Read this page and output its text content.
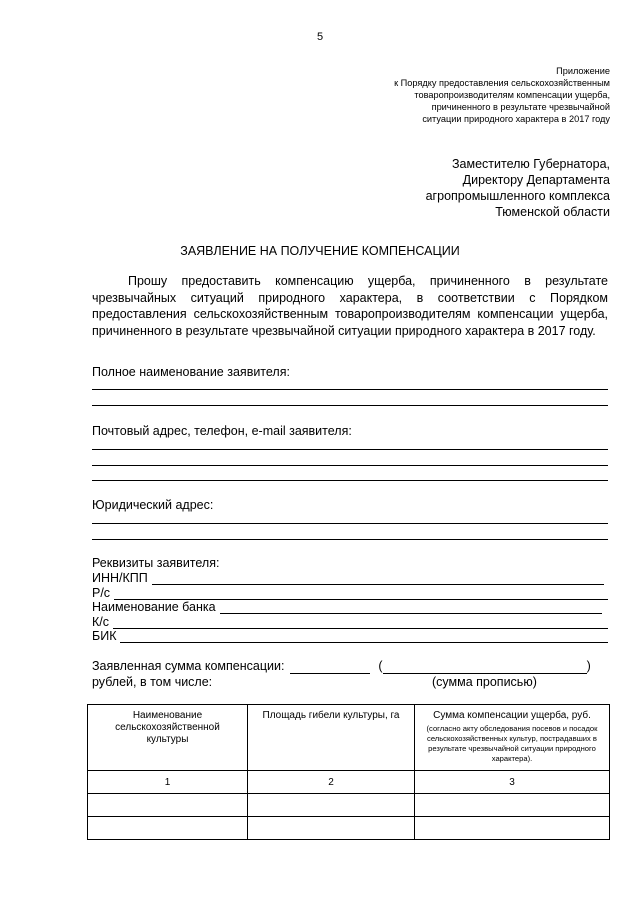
5
Приложение
к Порядку предоставления сельскохозяйственным
товаропроизводителям компенсации ущерба,
причиненного в результате чрезвычайной
ситуации природного характера в 2017 году
Заместителю Губернатора,
Директору Департамента
агропромышленного комплекса
Тюменской области
ЗАЯВЛЕНИЕ НА ПОЛУЧЕНИЕ КОМПЕНСАЦИИ
Прошу предоставить компенсацию ущерба, причиненного в результате чрезвычайных ситуаций природного характера, в соответствии с Порядком предоставления сельскохозяйственным товаропроизводителям компенсации ущерба, причиненного в результате чрезвычайной ситуации природного характера в 2017 году.
Полное наименование заявителя:
Почтовый адрес, телефон, e-mail заявителя:
Юридический адрес:
Реквизиты заявителя:
ИНН/КПП
Р/с
Наименование банка
К/с
БИК
Заявленная сумма компенсации:	(	)
рублей, в том числе:	(сумма прописью)
Наименование сельскохозяйственной культуры	Площадь гибели культуры, га	Сумма компенсации ущерба, руб.
(согласно акту обследования посевов и посадок сельскохозяйственных культур, пострадавших в результате чрезвычайной ситуации природного характера).

1	2	3
